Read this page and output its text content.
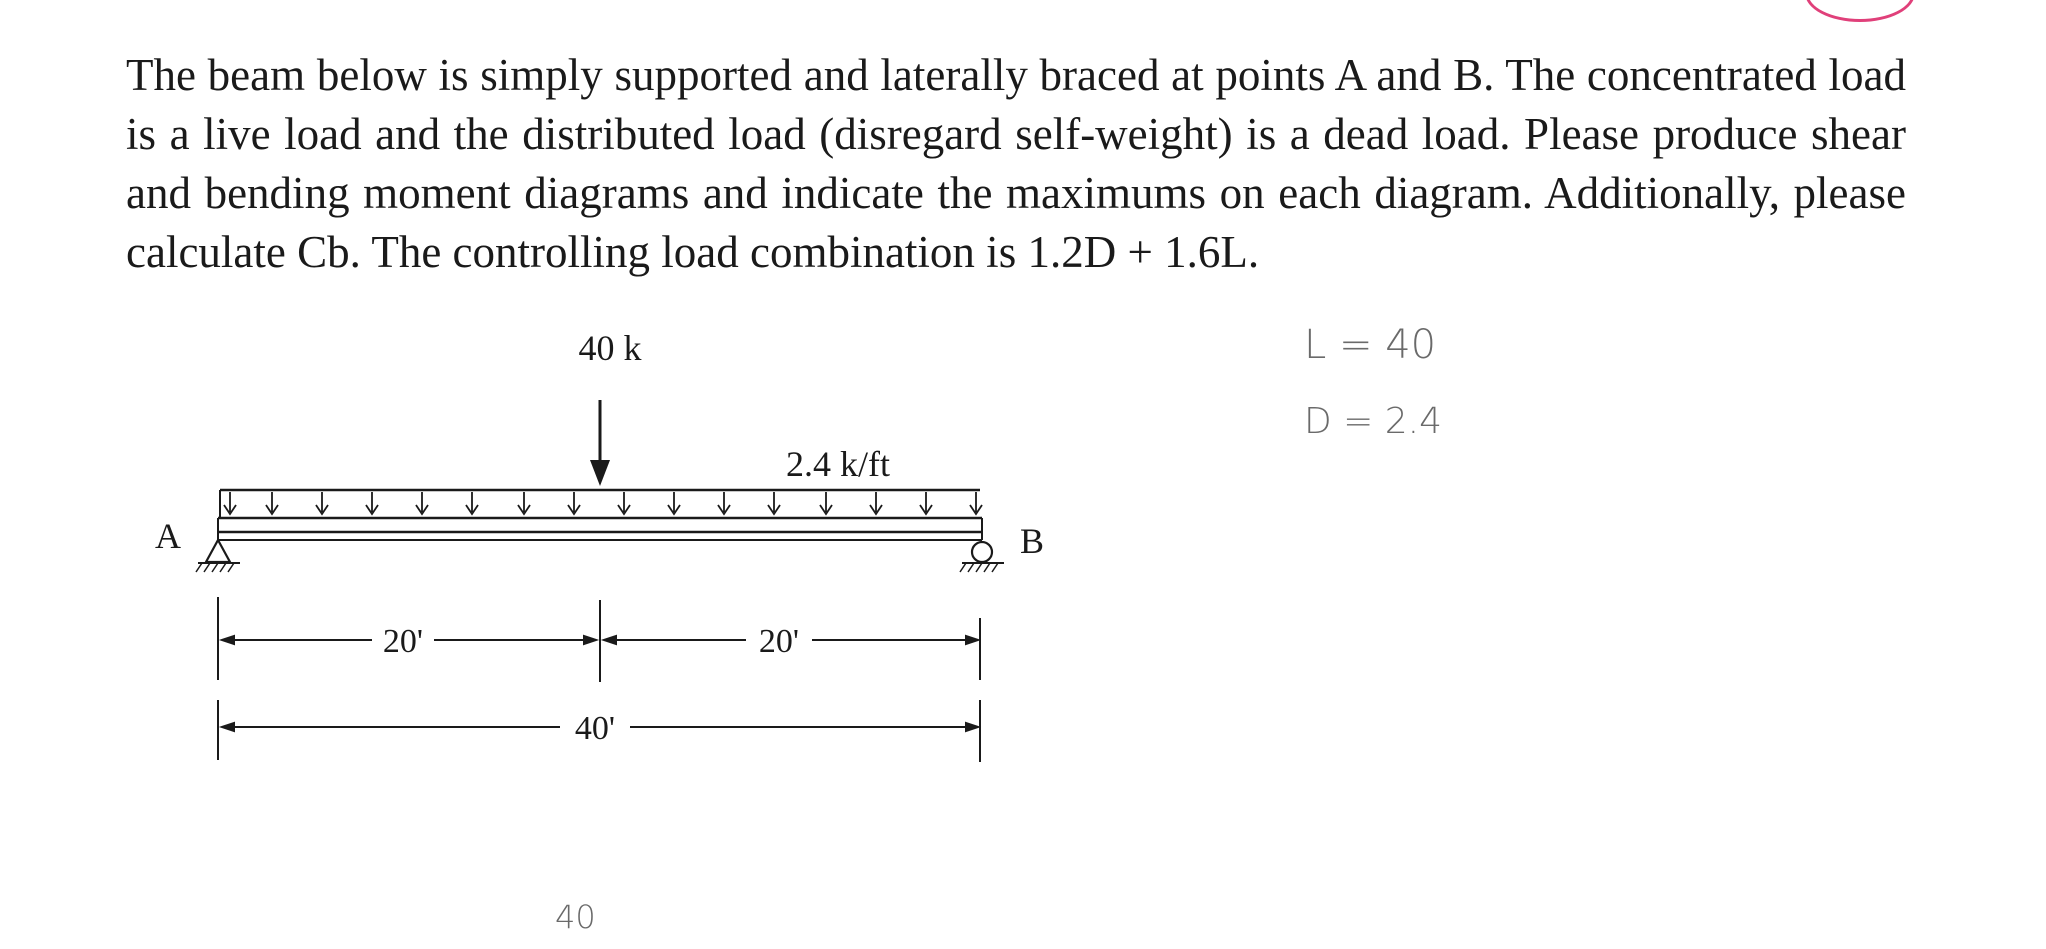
The beam below is simply supported and laterally braced at points A and B. The concentrated load
is a live load and the distributed load (disregard self-weight) is a dead load. Please produce shear
and bending moment diagrams and indicate the maximums on each diagram. Additionally, please
calculate Cb. The controlling load combination is 1.2D + 1.6L.
40 k
2.4 k/ft
A	B
20'	20'
40'
L = 40
D = 2.4
40
